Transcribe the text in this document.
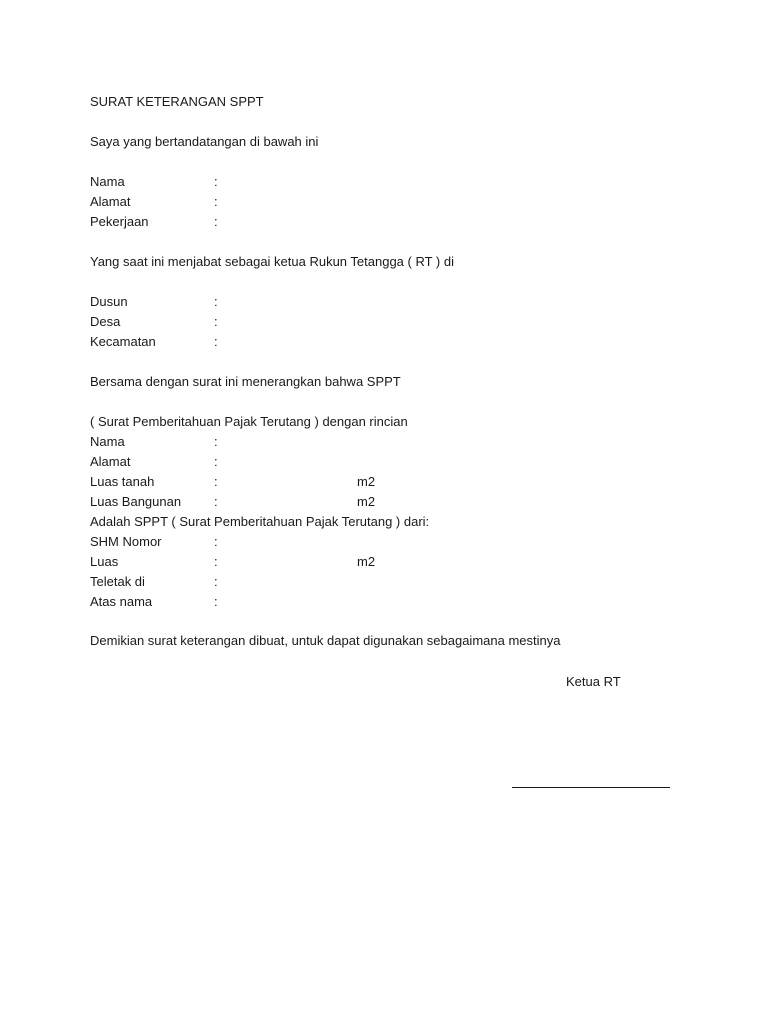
SURAT KETERANGAN SPPT
Saya yang bertandatangan di bawah ini
Nama	:
Alamat	:
Pekerjaan	:
Yang saat ini menjabat sebagai ketua Rukun Tetangga ( RT ) di
Dusun	:
Desa	:
Kecamatan	:
Bersama dengan surat ini menerangkan bahwa SPPT
( Surat Pemberitahuan Pajak Terutang ) dengan rincian
Nama	:
Alamat	:
Luas tanah	:	m2
Luas Bangunan	:	m2
Adalah SPPT ( Surat Pemberitahuan Pajak Terutang ) dari:
SHM Nomor	:
Luas	:	m2
Teletak di	:
Atas nama	:
Demikian surat keterangan dibuat, untuk dapat digunakan sebagaimana mestinya
Ketua RT
